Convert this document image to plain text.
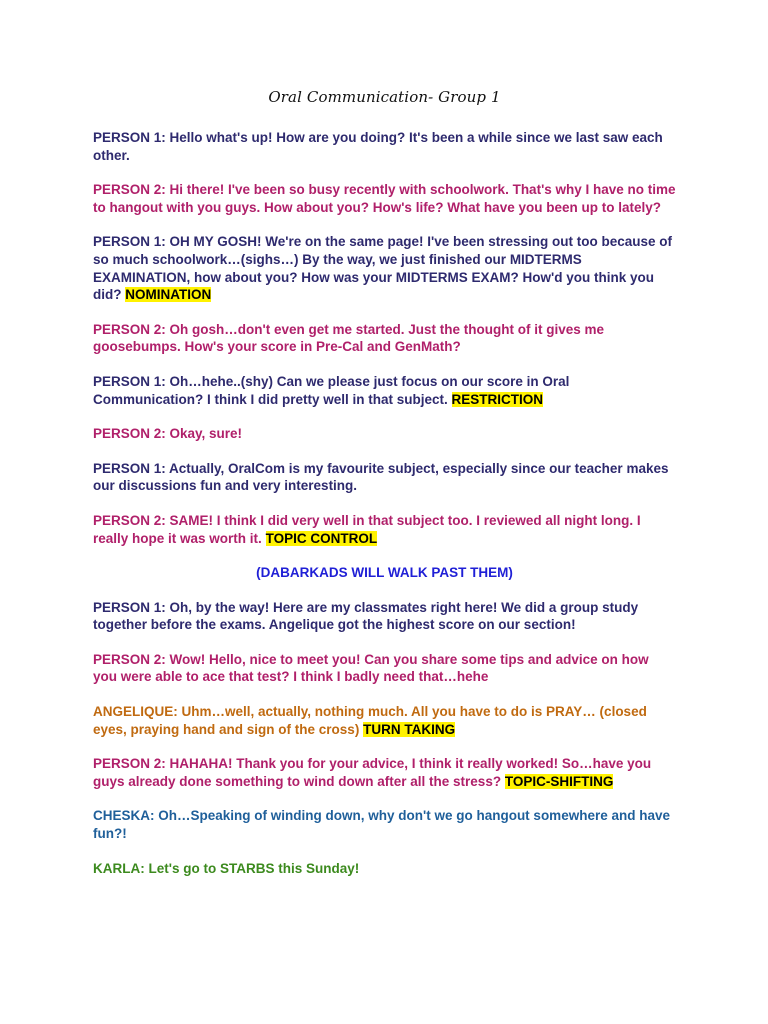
Oral Communication- Group 1

PERSON 1: Hello what's up! How are you doing? It's been a while since we last saw each other.

PERSON 2: Hi there! I've been so busy recently with schoolwork. That's why I have no time to hangout with you guys. How about you? How's life? What have you been up to lately?

PERSON 1: OH MY GOSH! We're on the same page! I've been stressing out too because of so much schoolwork…(sighs…) By the way, we just finished our MIDTERMS EXAMINATION, how about you? How was your MIDTERMS EXAM? How'd you think you did? NOMINATION

PERSON 2: Oh gosh…don't even get me started. Just the thought of it gives me goosebumps. How's your score in Pre-Cal and GenMath?

PERSON 1: Oh…hehe..(shy) Can we please just focus on our score in Oral Communication? I think I did pretty well in that subject. RESTRICTION

PERSON 2: Okay, sure!

PERSON 1: Actually, OralCom is my favourite subject, especially since our teacher makes our discussions fun and very interesting.

PERSON 2: SAME! I think I did very well in that subject too. I reviewed all night long. I really hope it was worth it. TOPIC CONTROL

(DABARKADS WILL WALK PAST THEM)

PERSON 1: Oh, by the way! Here are my classmates right here! We did a group study together before the exams. Angelique got the highest score on our section!

PERSON 2: Wow! Hello, nice to meet you! Can you share some tips and advice on how you were able to ace that test? I think I badly need that…hehe

ANGELIQUE: Uhm…well, actually, nothing much. All you have to do is PRAY… (closed eyes, praying hand and sign of the cross) TURN TAKING

PERSON 2: HAHAHA! Thank you for your advice, I think it really worked! So…have you guys already done something to wind down after all the stress? TOPIC-SHIFTING

CHESKA: Oh…Speaking of winding down, why don't we go hangout somewhere and have fun?!

KARLA: Let's go to STARBS this Sunday!
